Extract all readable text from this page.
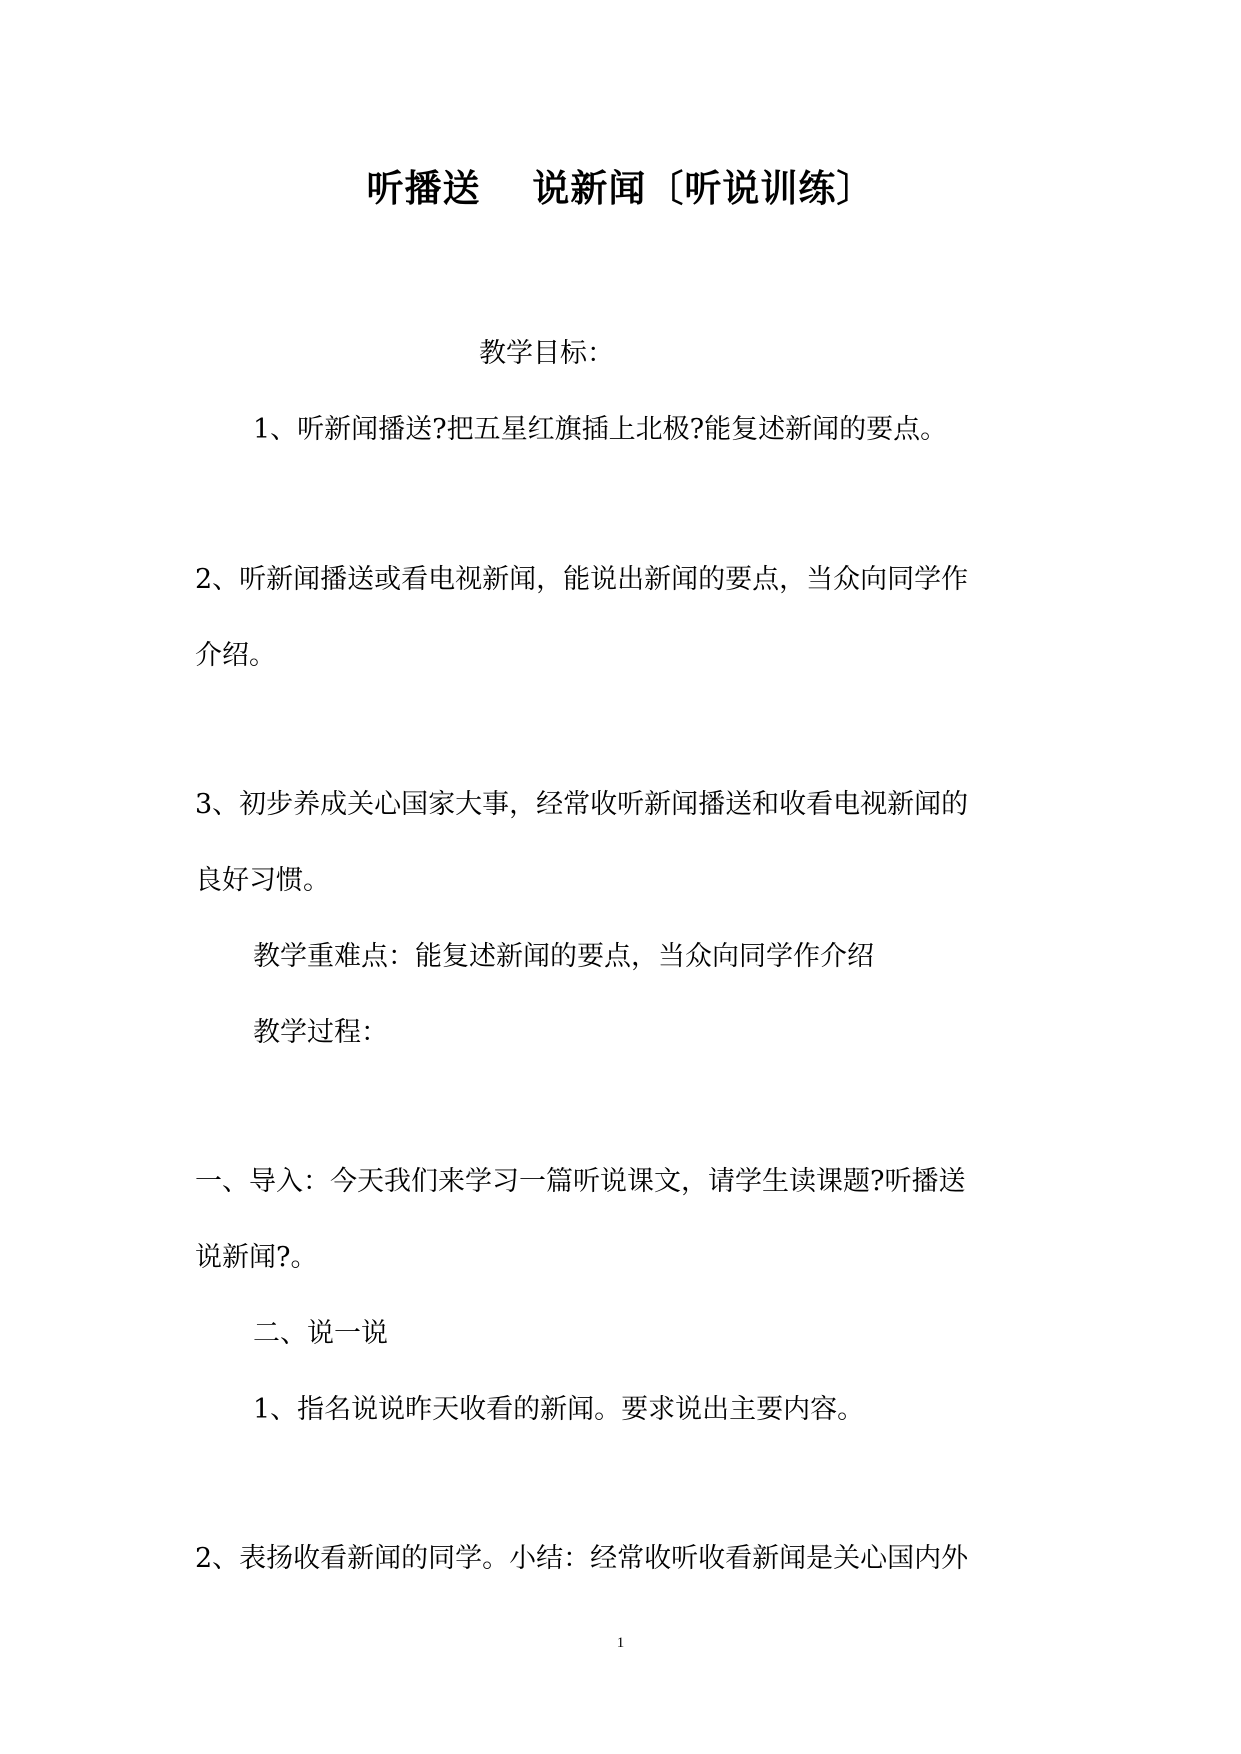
听播送　 说新闻〔听说训练〕

教学目标：

1、听新闻播送?把五星红旗插上北极?能复述新闻的要点。

2、听新闻播送或看电视新闻，能说出新闻的要点，当众向同学作

介绍。

3、初步养成关心国家大事，经常收听新闻播送和收看电视新闻的

良好习惯。

教学重难点：能复述新闻的要点，当众向同学作介绍

教学过程：

一、导入：今天我们来学习一篇听说课文，请学生读课题?听播送

说新闻?。

二、说一说

1、指名说说昨天收看的新闻。要求说出主要内容。

2、表扬收看新闻的同学。小结：经常收听收看新闻是关心国内外

1
